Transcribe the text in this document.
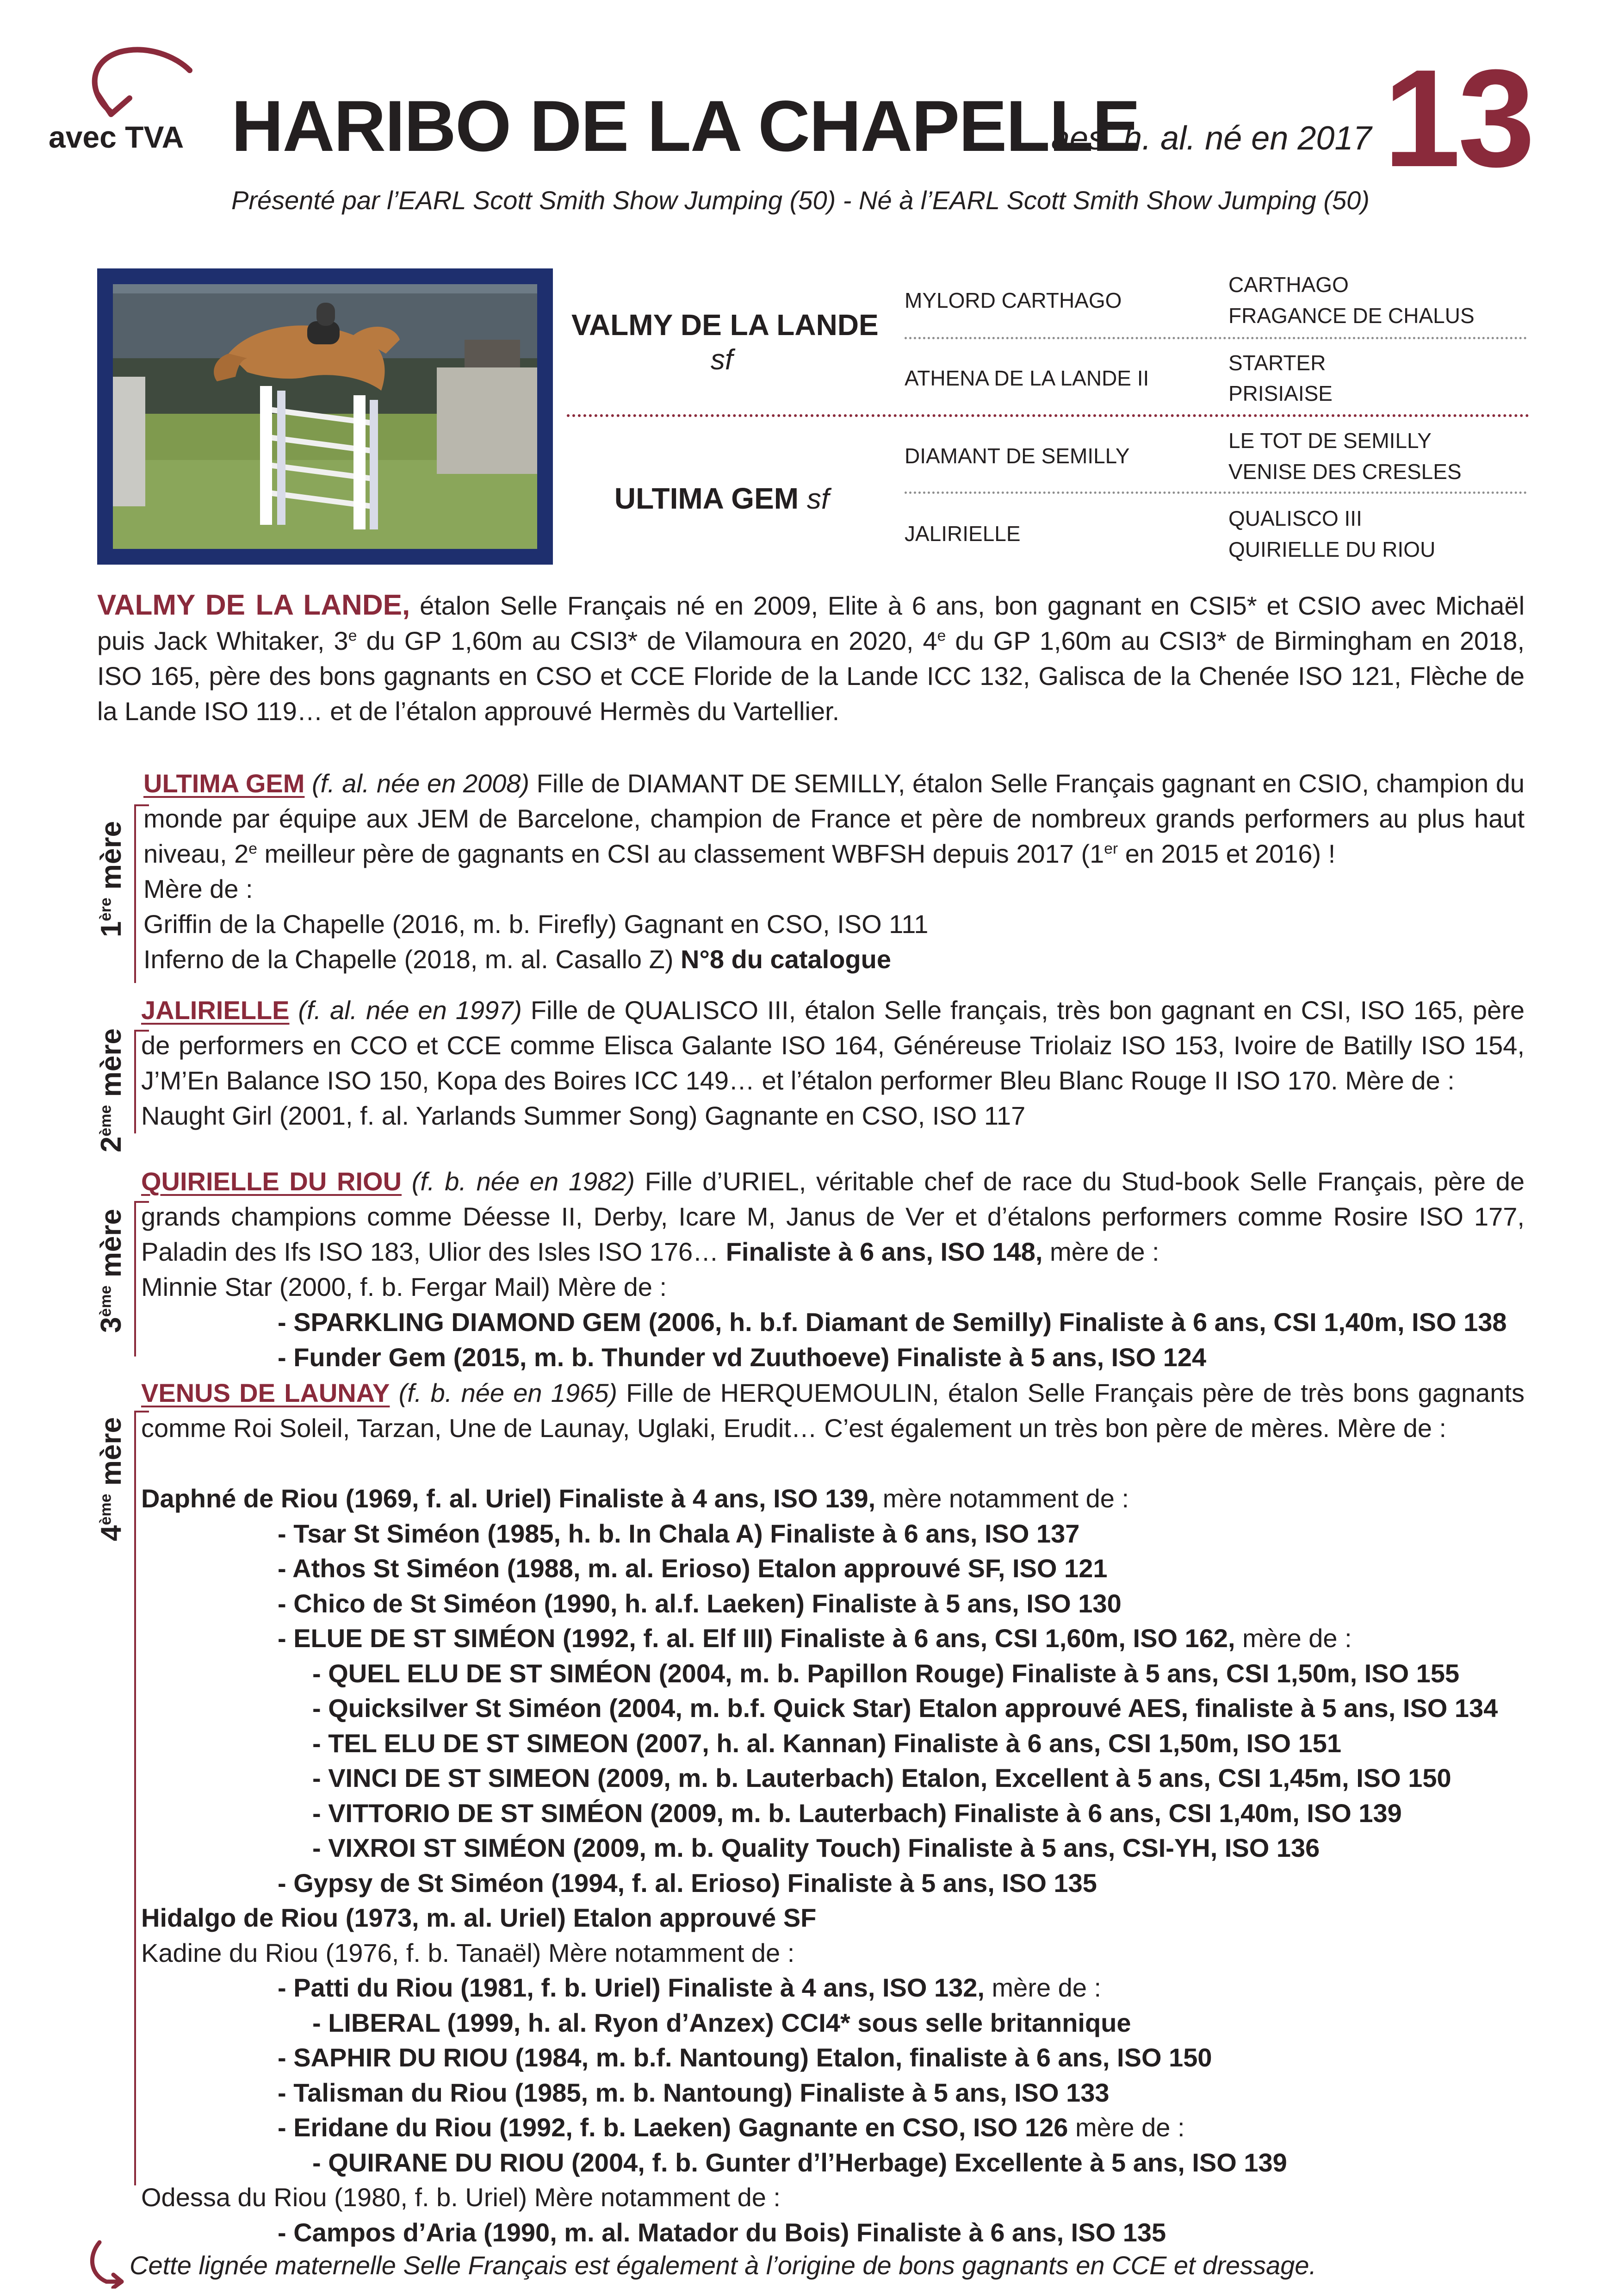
avec TVA HARIBO DE LA CHAPELLE
aes. h. al. né en 2017 13
Présenté par l’EARL Scott Smith Show Jumping (50) - Né à l’EARL Scott Smith Show Jumping (50)
VALMY DE LA LANDE
sf
ULTIMA GEM sf
MYLORD CARTHAGO
ATHENA DE LA LANDE II
DIAMANT DE SEMILLY
JALIRIELLE
CARTHAGO
FRAGANCE DE CHALUS
STARTER
PRISIAISE
LE TOT DE SEMILLY
VENISE DES CRESLES
QUALISCO III
QUIRIELLE DU RIOU
VALMY DE LA LANDE, étalon Selle Français né en 2009, Elite à 6 ans, bon gagnant en CSI5* et CSIO avec Michaël puis Jack Whitaker, 3e du GP 1,60m au CSI3* de Vilamoura en 2020, 4e du GP 1,60m au CSI3* de Birmingham en 2018, ISO 165, père des bons gagnants en CSO et CCE Floride de la Lande ICC 132, Galisca de la Chenée ISO 121, Flèche de la Lande ISO 119… et de l’étalon approuvé Hermès du Vartellier.
1ère mère
ULTIMA GEM (f. al. née en 2008) Fille de DIAMANT DE SEMILLY, étalon Selle Français gagnant en CSIO, champion du monde par équipe aux JEM de Barcelone, champion de France et père de nombreux grands performers au plus haut niveau, 2e meilleur père de gagnants en CSI au classement WBFSH depuis 2017 (1er en 2015 et 2016) !
Mère de :
Griffin de la Chapelle (2016, m. b. Firefly) Gagnant en CSO, ISO 111
Inferno de la Chapelle (2018, m. al. Casallo Z) N°8 du catalogue
2ème mère
JALIRIELLE (f. al. née en 1997) Fille de QUALISCO III, étalon Selle français, très bon gagnant en CSI, ISO 165, père de performers en CCO et CCE comme Elisca Galante ISO 164, Généreuse Triolaiz ISO 153, Ivoire de Batilly ISO 154, J’M’En Balance ISO 150, Kopa des Boires ICC 149… et l’étalon performer Bleu Blanc Rouge II ISO 170. Mère de :
Naught Girl (2001, f. al. Yarlands Summer Song) Gagnante en CSO, ISO 117
3ème mère
QUIRIELLE DU RIOU (f. b. née en 1982) Fille d’URIEL, véritable chef de race du Stud-book Selle Français, père de grands champions comme Déesse II, Derby, Icare M, Janus de Ver et d’étalons performers comme Rosire ISO 177, Paladin des Ifs ISO 183, Ulior des Isles ISO 176… Finaliste à 6 ans, ISO 148, mère de :
Minnie Star (2000, f. b. Fergar Mail) Mère de :
- SPARKLING DIAMOND GEM (2006, h. b.f. Diamant de Semilly) Finaliste à 6 ans, CSI 1,40m, ISO 138
- Funder Gem (2015, m. b. Thunder vd Zuuthoeve) Finaliste à 5 ans, ISO 124
4ème mère
VENUS DE LAUNAY (f. b. née en 1965) Fille de HERQUEMOULIN, étalon Selle Français père de très bons gagnants comme Roi Soleil, Tarzan, Une de Launay, Uglaki, Erudit… C’est également un très bon père de mères. Mère de :
Daphné de Riou (1969, f. al. Uriel) Finaliste à 4 ans, ISO 139, mère notamment de :
- Tsar St Siméon (1985, h. b. In Chala A) Finaliste à 6 ans, ISO 137
- Athos St Siméon (1988, m. al. Erioso) Etalon approuvé SF, ISO 121
- Chico de St Siméon (1990, h. al.f. Laeken) Finaliste à 5 ans, ISO 130
- ELUE DE ST SIMÉON (1992, f. al. Elf III) Finaliste à 6 ans, CSI 1,60m, ISO 162, mère de :
- QUEL ELU DE ST SIMÉON (2004, m. b. Papillon Rouge) Finaliste à 5 ans, CSI 1,50m, ISO 155
- Quicksilver St Siméon (2004, m. b.f. Quick Star) Etalon approuvé AES, finaliste à 5 ans, ISO 134
- TEL ELU DE ST SIMEON (2007, h. al. Kannan) Finaliste à 6 ans, CSI 1,50m, ISO 151
- VINCI DE ST SIMEON (2009, m. b. Lauterbach) Etalon, Excellent à 5 ans, CSI 1,45m, ISO 150
- VITTORIO DE ST SIMÉON (2009, m. b. Lauterbach) Finaliste à 6 ans, CSI 1,40m, ISO 139
- VIXROI ST SIMÉON (2009, m. b. Quality Touch) Finaliste à 5 ans, CSI-YH, ISO 136
- Gypsy de St Siméon (1994, f. al. Erioso) Finaliste à 5 ans, ISO 135
Hidalgo de Riou (1973, m. al. Uriel) Etalon approuvé SF
Kadine du Riou (1976, f. b. Tanaël) Mère notamment de :
- Patti du Riou (1981, f. b. Uriel) Finaliste à 4 ans, ISO 132, mère de :
- LIBERAL (1999, h. al. Ryon d’Anzex) CCI4* sous selle britannique
- SAPHIR DU RIOU (1984, m. b.f. Nantoung) Etalon, finaliste à 6 ans, ISO 150
- Talisman du Riou (1985, m. b. Nantoung) Finaliste à 5 ans, ISO 133
- Eridane du Riou (1992, f. b. Laeken) Gagnante en CSO, ISO 126 mère de :
- QUIRANE DU RIOU (2004, f. b. Gunter d’l’Herbage) Excellente à 5 ans, ISO 139
Odessa du Riou (1980, f. b. Uriel) Mère notamment de :
- Campos d’Aria (1990, m. al. Matador du Bois) Finaliste à 6 ans, ISO 135
Cette lignée maternelle Selle Français est également à l’origine de bons gagnants en CCE et dressage.
